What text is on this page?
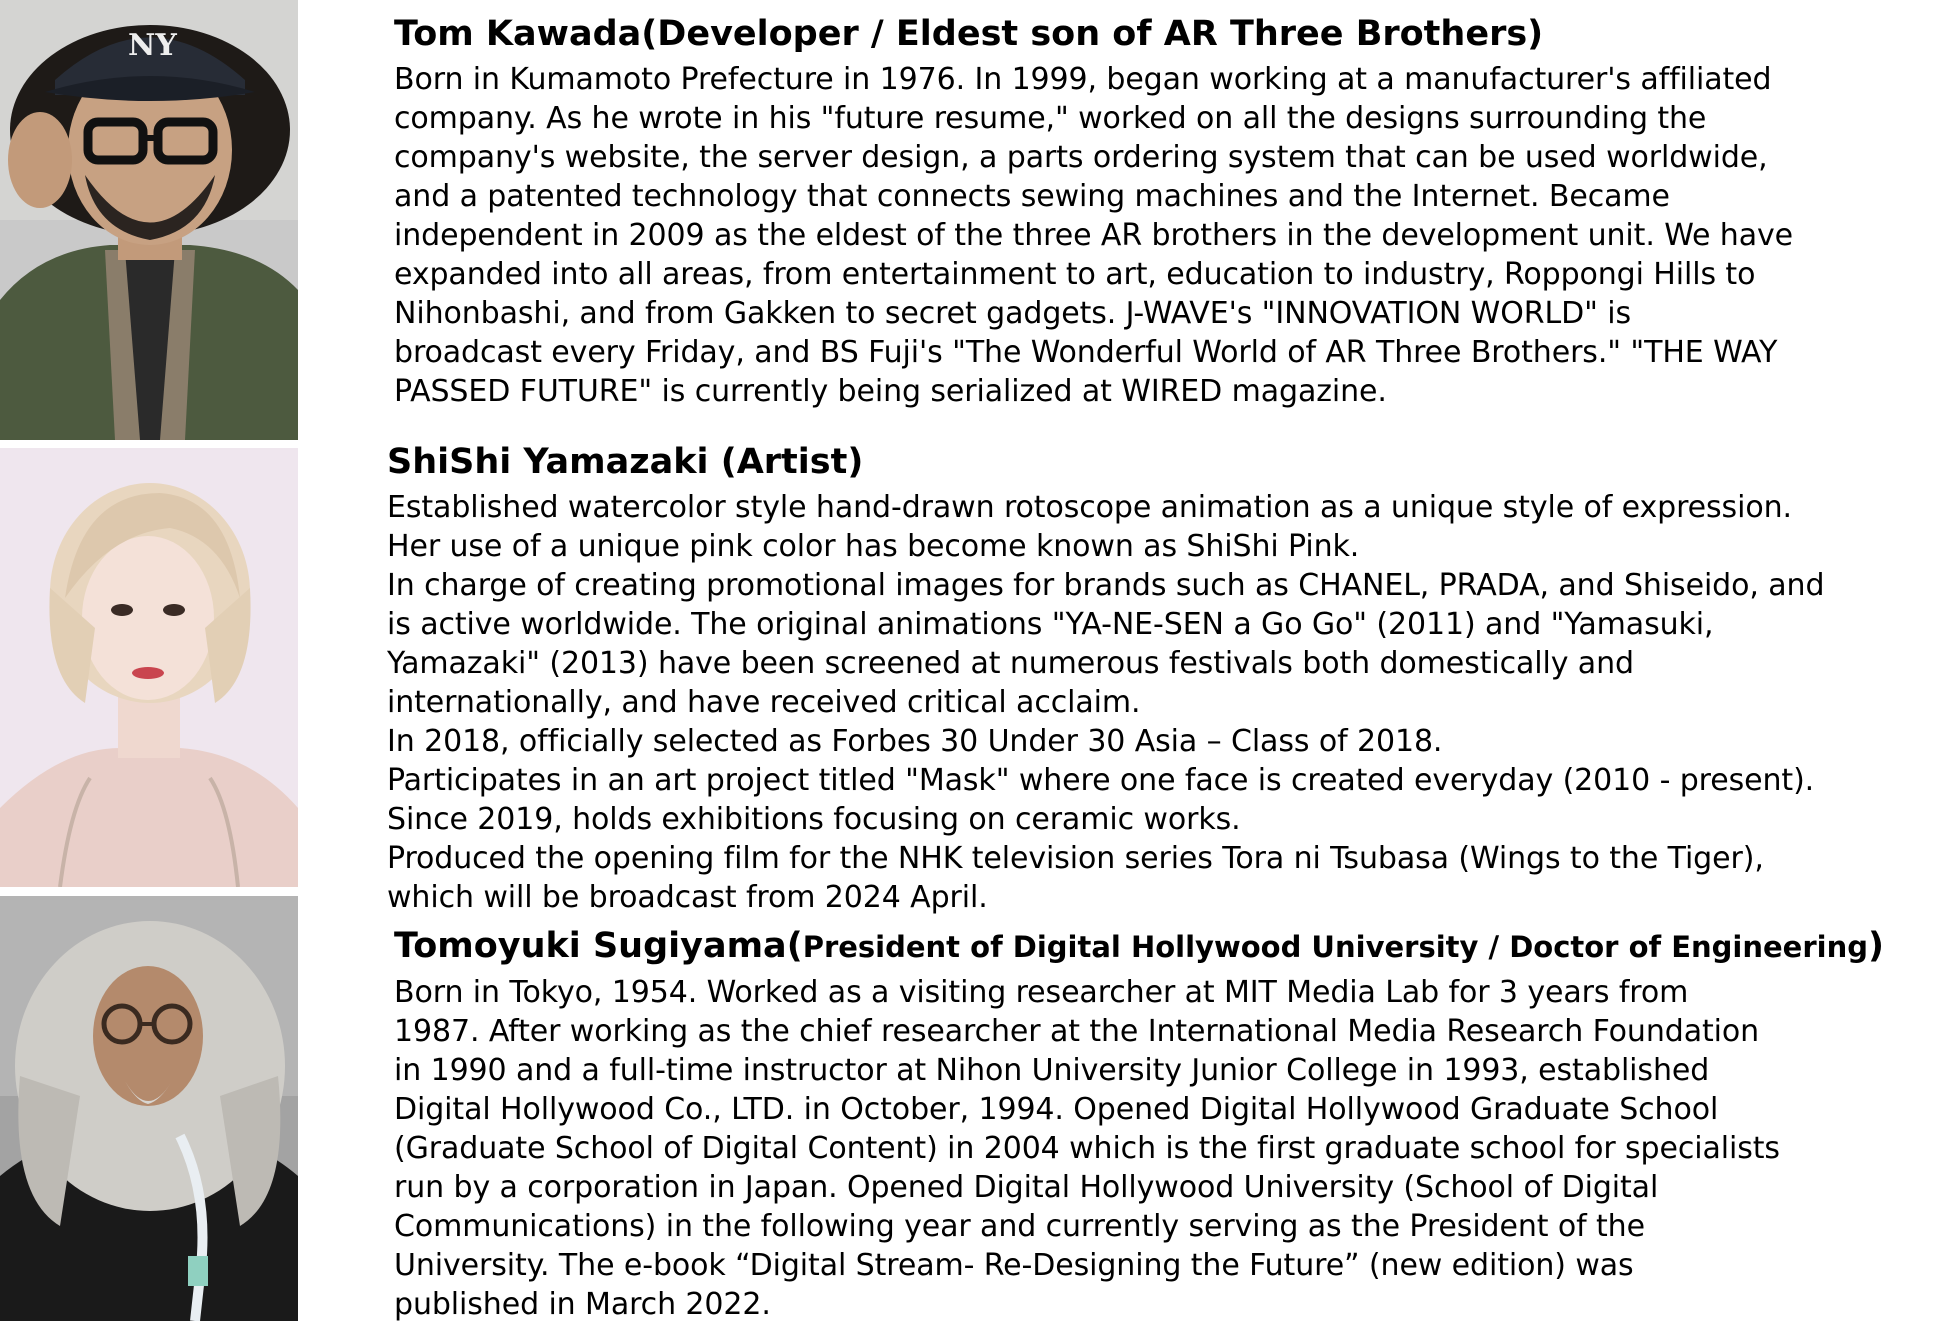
NY	Tom Kawada(Developer / Eldest son of AR Three Brothers)
Born in Kumamoto Prefecture in 1976. In 1999, began working at a manufacturer's affiliated
company. As he wrote in his "future resume," worked on all the designs surrounding the
company's website, the server design, a parts ordering system that can be used worldwide,
and a patented technology that connects sewing machines and the Internet. Became
independent in 2009 as the eldest of the three AR brothers in the development unit. We have
expanded into all areas, from entertainment to art, education to industry, Roppongi Hills to
Nihonbashi, and from Gakken to secret gadgets. J-WAVE's "INNOVATION WORLD" is
broadcast every Friday, and BS Fuji's "The Wonderful World of AR Three Brothers." "THE WAY
PASSED FUTURE" is currently being serialized at WIRED magazine.
ShiShi Yamazaki (Artist)
Established watercolor style hand-drawn rotoscope animation as a unique style of expression.
Her use of a unique pink color has become known as ShiShi Pink.
In charge of creating promotional images for brands such as CHANEL, PRADA, and Shiseido, and
is active worldwide. The original animations "YA-NE-SEN a Go Go" (2011) and "Yamasuki,
Yamazaki" (2013) have been screened at numerous festivals both domestically and
internationally, and have received critical acclaim.
In 2018, officially selected as Forbes 30 Under 30 Asia – Class of 2018.
Participates in an art project titled "Mask" where one face is created everyday (2010 - present).
Since 2019, holds exhibitions focusing on ceramic works.
Produced the opening film for the NHK television series Tora ni Tsubasa (Wings to the Tiger),
which will be broadcast from 2024 April.
Tomoyuki Sugiyama(President of Digital Hollywood University / Doctor of Engineering)
Born in Tokyo, 1954. Worked as a visiting researcher at MIT Media Lab for 3 years from
1987. After working as the chief researcher at the International Media Research Foundation
in 1990 and a full-time instructor at Nihon University Junior College in 1993, established
Digital Hollywood Co., LTD. in October, 1994. Opened Digital Hollywood Graduate School
(Graduate School of Digital Content) in 2004 which is the first graduate school for specialists
run by a corporation in Japan. Opened Digital Hollywood University (School of Digital
Communications) in the following year and currently serving as the President of the
University. The e-book “Digital Stream- Re-Designing the Future” (new edition) was
published in March 2022.
